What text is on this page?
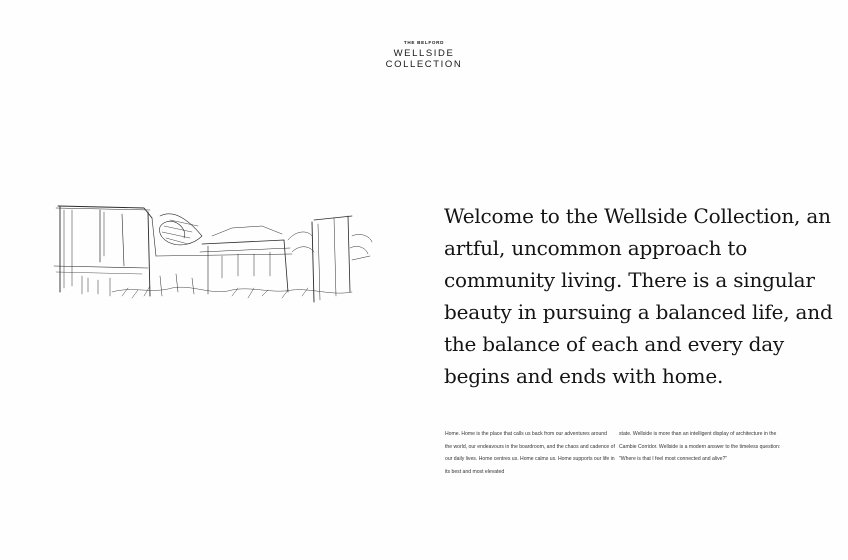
THE BELFORD
WELLSIDE
COLLECTION
Welcome to the Wellside Collection, an artful, uncommon approach to community living. There is a singular beauty in pursuing a balanced life, and the balance of each and every day begins and ends with home.

Home. Home is the place that calls us back from our adventures around the world, our endeavours in the boardroom, and the chaos and cadence of our daily lives. Home centres us. Home calms us. Home supports our life in its best and most elevated

state. Wellside is more than an intelligent display of architecture in the Cambie Corridor. Wellside is a modern answer to the timeless question:
"Where is that I feel most connected and alive?"
